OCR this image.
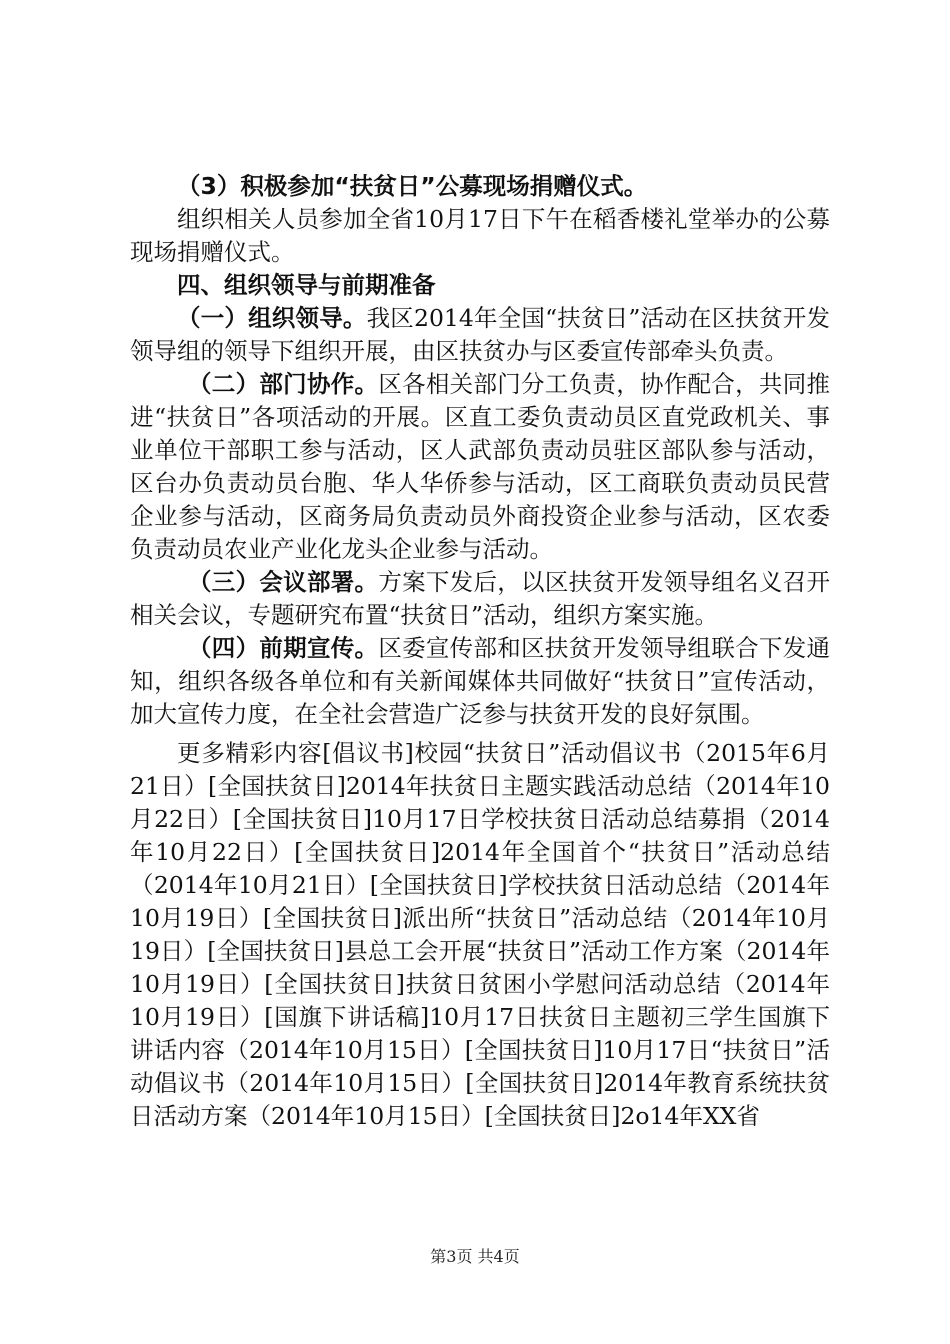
（3）积极参加“扶贫日”公募现场捐赠仪式。

组织相关人员参加全省10月17日下午在稻香楼礼堂举办的公募现场捐赠仪式。

四、组织领导与前期准备

（一）组织领导。我区2014年全国“扶贫日”活动在区扶贫开发领导组的领导下组织开展，由区扶贫办与区委宣传部牵头负责。

（二）部门协作。区各相关部门分工负责，协作配合，共同推进“扶贫日”各项活动的开展。区直工委负责动员区直党政机关、事业单位干部职工参与活动，区人武部负责动员驻区部队参与活动，区台办负责动员台胞、华人华侨参与活动，区工商联负责动员民营企业参与活动，区商务局负责动员外商投资企业参与活动，区农委负责动员农业产业化龙头企业参与活动。

（三）会议部署。方案下发后，以区扶贫开发领导组名义召开相关会议，专题研究布置“扶贫日”活动，组织方案实施。

（四）前期宣传。区委宣传部和区扶贫开发领导组联合下发通知，组织各级各单位和有关新闻媒体共同做好“扶贫日”宣传活动，加大宣传力度，在全社会营造广泛参与扶贫开发的良好氛围。

更多精彩内容[倡议书]校园“扶贫日”活动倡议书（2015年6月21日）[全国扶贫日]2014年扶贫日主题实践活动总结（2014年10月22日）[全国扶贫日]10月17日学校扶贫日活动总结募捐（2014年10月22日）[全国扶贫日]2014年全国首个“扶贫日”活动总结（2014年10月21日）[全国扶贫日]学校扶贫日活动总结（2014年10月19日）[全国扶贫日]派出所“扶贫日”活动总结（2014年10月19日）[全国扶贫日]县总工会开展“扶贫日”活动工作方案（2014年10月19日）[全国扶贫日]扶贫日贫困小学慰问活动总结（2014年10月19日）[国旗下讲话稿]10月17日扶贫日主题初三学生国旗下讲话内容（2014年10月15日）[全国扶贫日]10月17日“扶贫日”活动倡议书（2014年10月15日）[全国扶贫日]2014年教育系统扶贫日活动方案（2014年10月15日）[全国扶贫日]2o14年XX省

第3页 共4页
